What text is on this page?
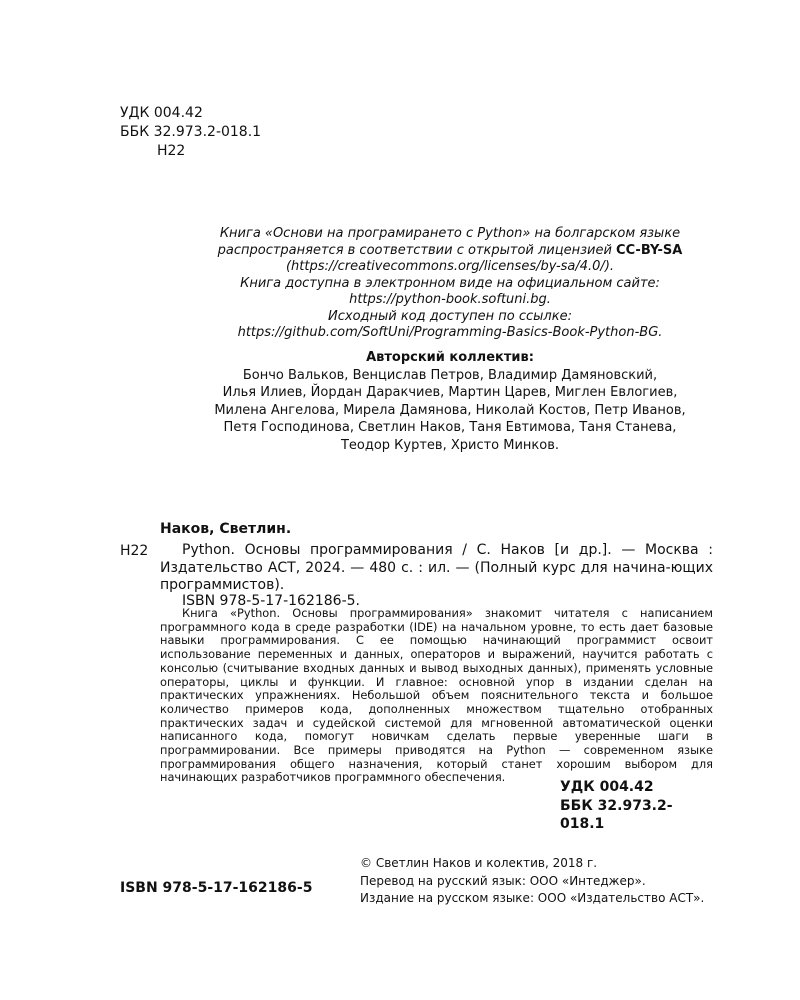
УДК 004.42
ББК 32.973.2-018.1
Н22
Книга «Основи на програмирането с Python» на болгарском языке
распространяется в соответствии с открытой лицензией CC-BY-SA
(https://creativecommons.org/licenses/by-sa/4.0/).
Книга доступна в электронном виде на официальном сайте:
https://python-book.softuni.bg.
Исходный код доступен по ссылке:
https://github.com/SoftUni/Programming-Basics-Book-Python-BG.
Авторский коллектив:
Бончо Вальков, Венцислав Петров, Владимир Дамяновский,
Илья Илиев, Йордан Даракчиев, Мартин Царев, Миглен Евлогиев,
Милена Ангелова, Мирела Дамянова, Николай Костов, Петр Иванов,
Петя Господинова, Светлин Наков, Таня Евтимова, Таня Станева,
Теодор Куртев, Христо Минков.
Наков, Светлин.
Н22	Python. Основы программирования / С. Наков [и др.]. — Москва : Издательство АСТ, 2024. — 480 с. : ил. — (Полный курс для начина-ющих программистов).
ISBN 978-5-17-162186-5.
Книга «Python. Основы программирования» знакомит читателя с написанием программного кода в среде разработки (IDE) на начальном уровне, то есть дает базовые навыки программирования. С ее помощью начинающий программист освоит использование переменных и данных, операторов и выражений, научится работать с консолью (считывание входных данных и вывод выходных данных), применять условные операторы, циклы и функции. И главное: основной упор в издании сделан на практических упражнениях. Небольшой объем пояснительного текста и большое количество примеров кода, дополненных множеством тщательно отобранных практических задач и судейской системой для мгновенной автоматической оценки написанного кода, помогут новичкам сделать первые уверенные шаги в программировании. Все примеры приводятся на Python — современном языке программирования общего назначения, который станет хорошим выбором для начинающих разработчиков программного обеспечения.
УДК 004.42
ББК 32.973.2-018.1
ISBN 978-5-17-162186-5
© Светлин Наков и колектив, 2018 г.
Перевод на русский язык: ООО «Интеджер».
Издание на русском языке: ООО «Издательство АСТ».
